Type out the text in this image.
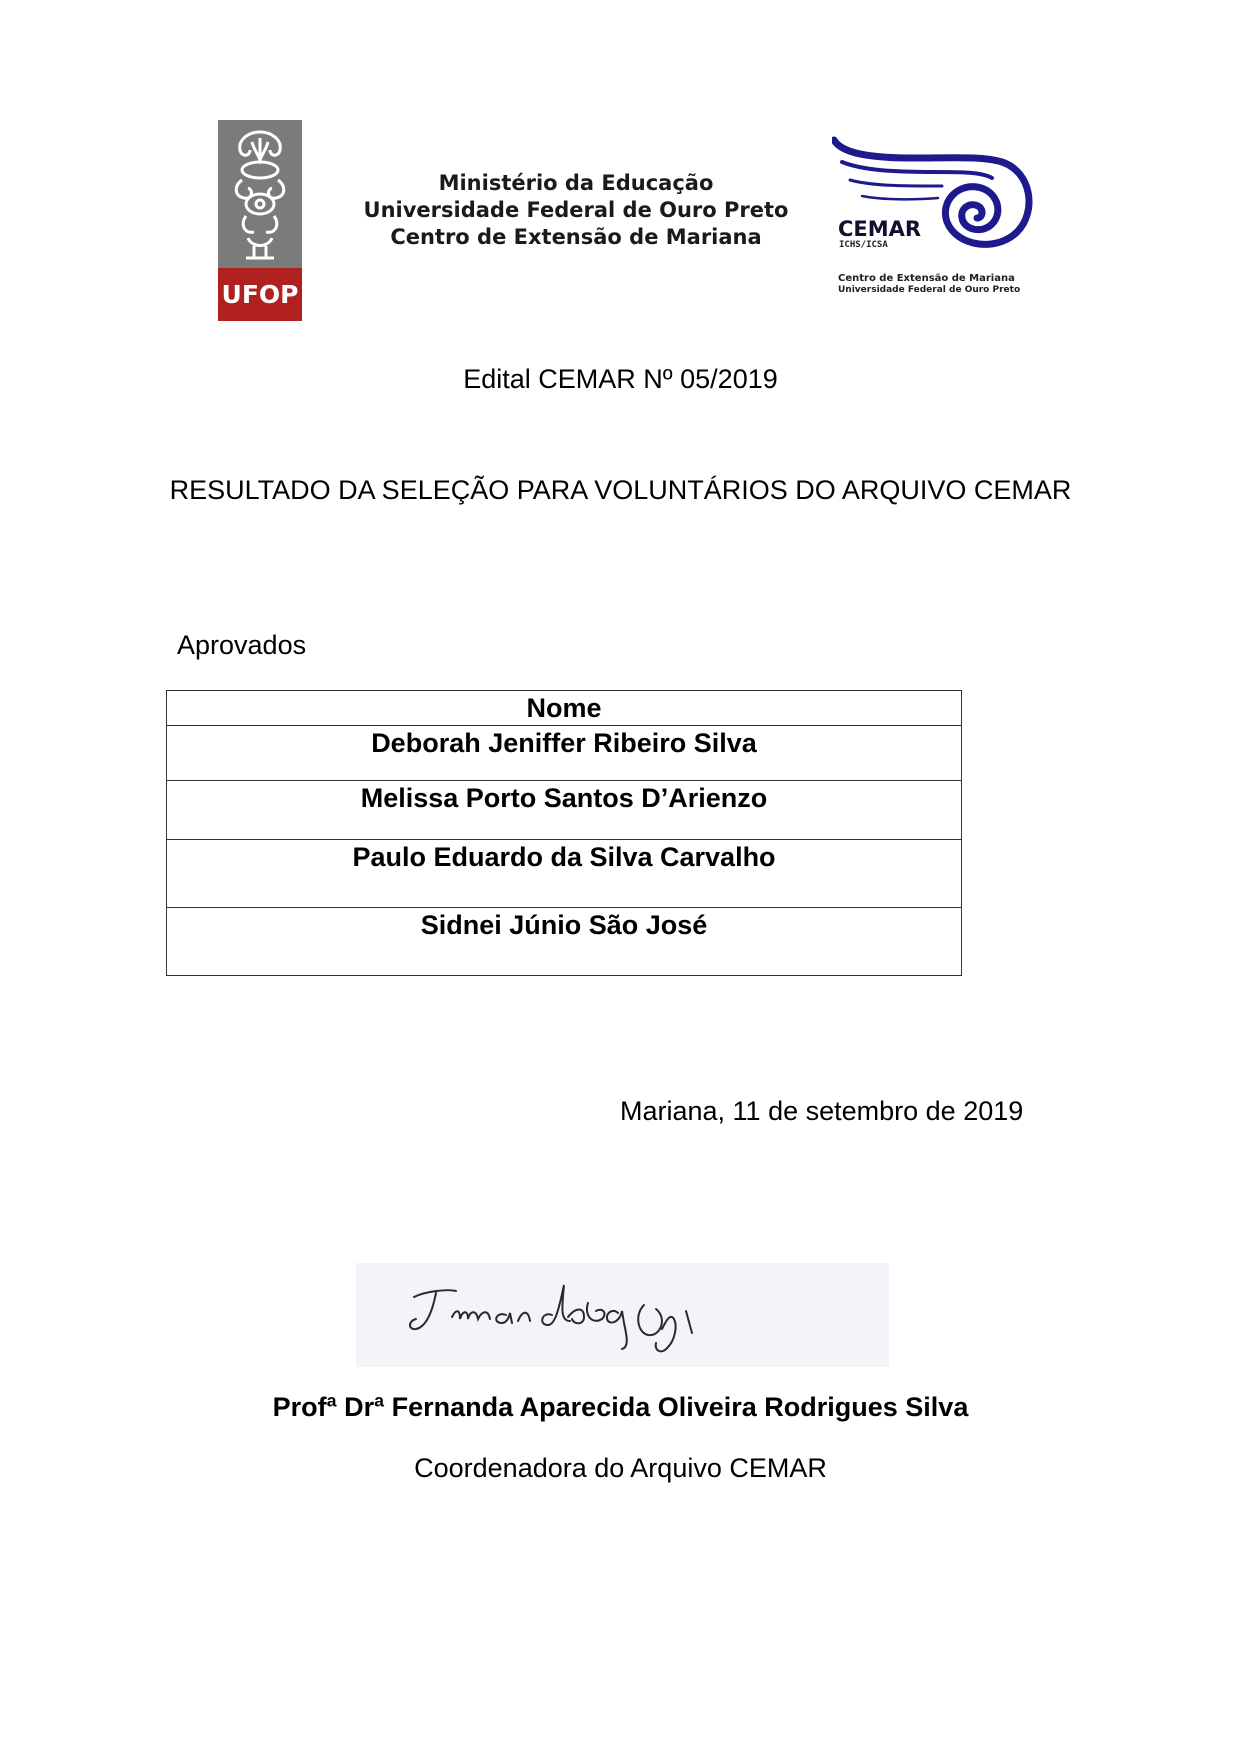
UFOP
Ministério da Educação
Universidade Federal de Ouro Preto
Centro de Extensão de Mariana	CEMAR
ICHS/ICSA
Centro de Extensão de Mariana
Universidade Federal de Ouro Preto
Edital CEMAR Nº 05/2019
RESULTADO DA SELEÇÃO PARA VOLUNTÁRIOS DO ARQUIVO CEMAR
Aprovados
Nome
Deborah Jeniffer Ribeiro Silva
Melissa Porto Santos D’Arienzo
Paulo Eduardo da Silva Carvalho
Sidnei Júnio São José
Mariana, 11 de setembro de 2019
Profª Drª Fernanda Aparecida Oliveira Rodrigues Silva
Coordenadora do Arquivo CEMAR
